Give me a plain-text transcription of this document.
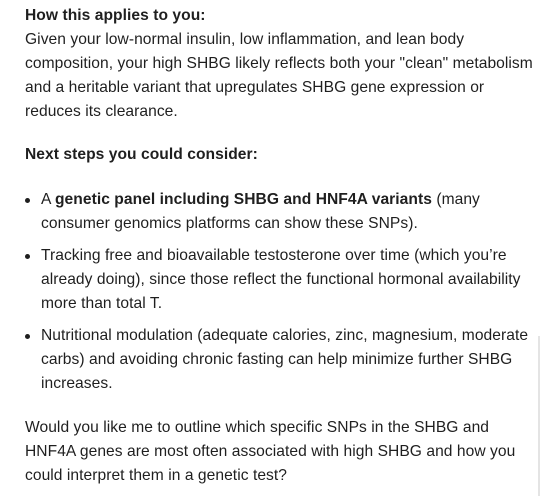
How this applies to you:

Given your low-normal insulin, low inflammation, and lean body composition, your high SHBG likely reflects both your "clean" metabolism and a heritable variant that upregulates SHBG gene expression or reduces its clearance.

Next steps you could consider:

A genetic panel including SHBG and HNF4A variants (many consumer genomics platforms can show these SNPs).
Tracking free and bioavailable testosterone over time (which you’re already doing), since those reflect the functional hormonal availability more than total T.
Nutritional modulation (adequate calories, zinc, magnesium, moderate carbs) and avoiding chronic fasting can help minimize further SHBG increases.

Would you like me to outline which specific SNPs in the SHBG and HNF4A genes are most often associated with high SHBG and how you could interpret them in a genetic test?
